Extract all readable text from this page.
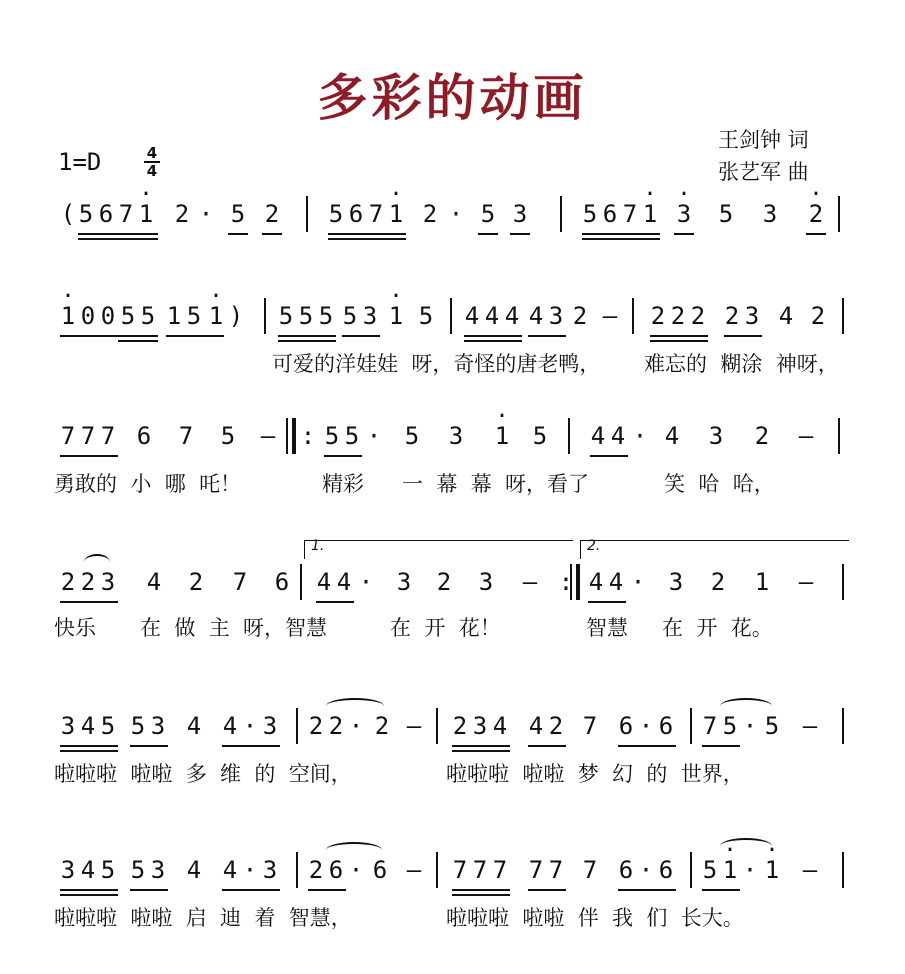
多彩的动画
王剑钟 词
张艺军 曲
1=D	4
4
( 5 6 7 · 1 2 · 5 2 5 6 7 · 1 2 · 5 3 5 6 7 · 1 · 3 5 3 · 2
· 1 0 0 5 5 1 5 · 1 ) 5 5 5 5 3 · 1 5 4 4 4 4 3 2 – 2 2 2 2 3 4 2
可爱的洋娃娃  呀，奇怪的唐老鸭， 难忘的  糊涂  神呀，
7 7 7 6 7 5 – : 5 5 · 5 3 · 1 5 4 4 · 4 3 2 –
勇敢的  小  哪  吒！	精彩 一  幕  幕  呀，看了	笑  哈  哈，
1.	2.
2 2 3 4 2 7 6 4 4 · 3 2 3 – : 4 4 · 3 2 1 –
快乐 在  做  主  呀，智慧	在  开  花！	智慧 在  开  花。
3 4 5 5 3 4 4 · 3 2 2 · 2 – 2 3 4 4 2 7 6 · 6 7 5 · 5 –
啦啦啦  啦啦  多  维  的  空间，	啦啦啦  啦啦  梦  幻  的  世界，
3 4 5 5 3 4 4 · 3 2 6 · 6 – 7 7 7 7 7 7 6 · 6 5 · 1 · · 1 –
啦啦啦  啦啦  启  迪  着  智慧，	啦啦啦  啦啦  伴  我  们  长大。
